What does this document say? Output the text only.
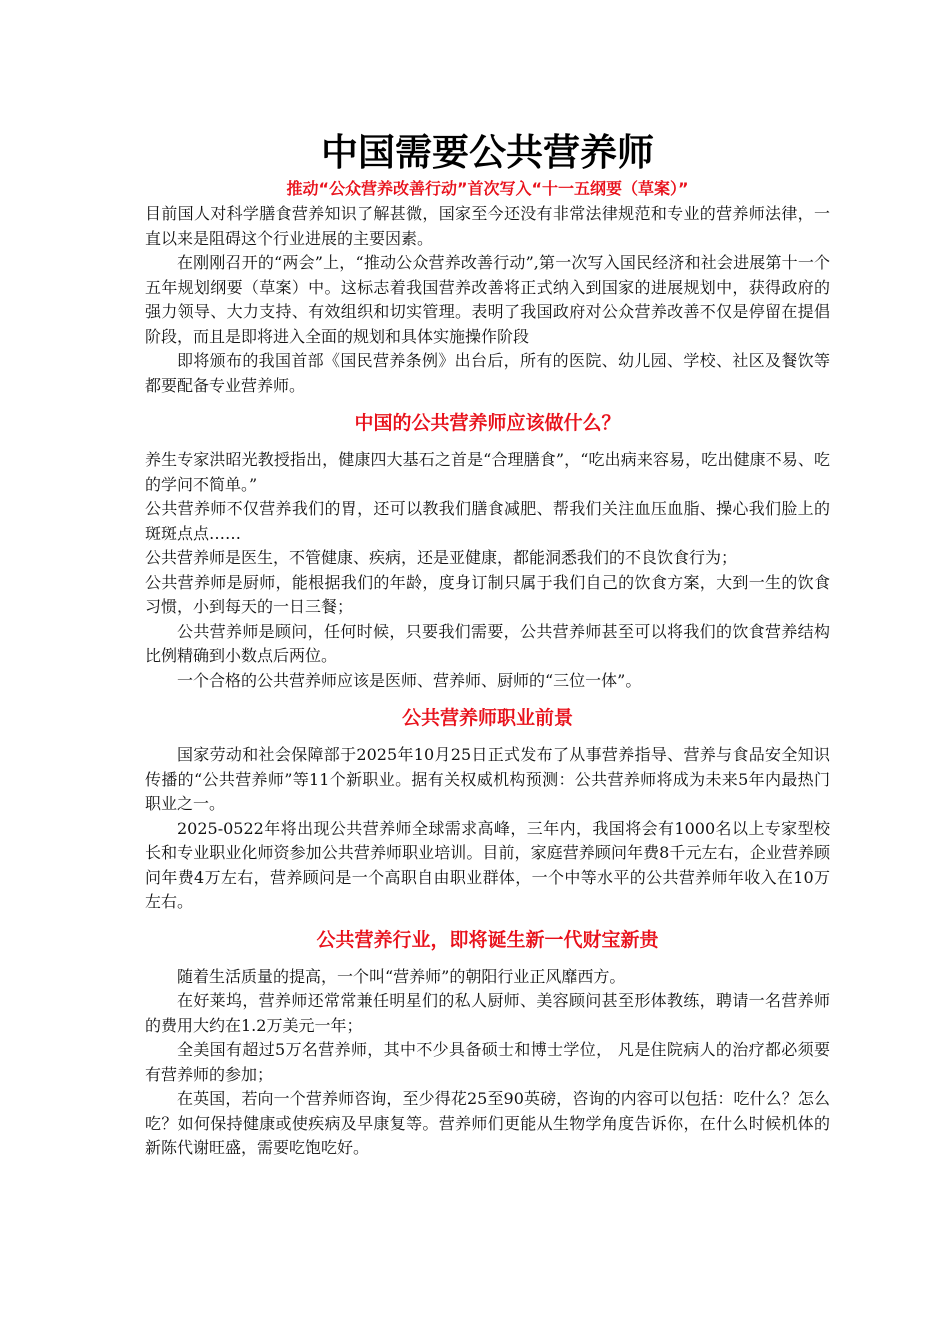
中国需要公共营养师
推动“公众营养改善行动”首次写入“十一五纲要（草案）”

目前国人对科学膳食营养知识了解甚微，国家至今还没有非常法律规范和专业的营养师法律，一直以来是阻碍这个行业进展的主要因素。

在刚刚召开的“两会”上，“推动公众营养改善行动”,第一次写入国民经济和社会进展第十一个五年规划纲要（草案）中。这标志着我国营养改善将正式纳入到国家的进展规划中，获得政府的强力领导、大力支持、有效组织和切实管理。表明了我国政府对公众营养改善不仅是停留在提倡阶段，而且是即将进入全面的规划和具体实施操作阶段

即将颁布的我国首部《国民营养条例》出台后，所有的医院、幼儿园、学校、社区及餐饮等都要配备专业营养师。

中国的公共营养师应该做什么？

养生专家洪昭光教授指出，健康四大基石之首是“合理膳食”，“吃出病来容易，吃出健康不易、吃的学问不简单。”

公共营养师不仅营养我们的胃，还可以教我们膳食减肥、帮我们关注血压血脂、操心我们脸上的斑斑点点……

公共营养师是医生，不管健康、疾病，还是亚健康，都能洞悉我们的不良饮食行为；

公共营养师是厨师，能根据我们的年龄，度身订制只属于我们自己的饮食方案，大到一生的饮食习惯，小到每天的一日三餐；

公共营养师是顾问，任何时候，只要我们需要，公共营养师甚至可以将我们的饮食营养结构比例精确到小数点后两位。

一个合格的公共营养师应该是医师、营养师、厨师的“三位一体”。

公共营养师职业前景

国家劳动和社会保障部于2025年10月25日正式发布了从事营养指导、营养与食品安全知识传播的“公共营养师”等11个新职业。据有关权威机构预测：公共营养师将成为未来5年内最热门职业之一。

2025-0522年将出现公共营养师全球需求高峰，三年内，我国将会有1000名以上专家型校长和专业职业化师资参加公共营养师职业培训。目前，家庭营养顾问年费8千元左右，企业营养顾问年费4万左右，营养顾问是一个高职自由职业群体，一个中等水平的公共营养师年收入在10万左右。

公共营养行业，即将诞生新一代财宝新贵

随着生活质量的提高，一个叫“营养师”的朝阳行业正风靡西方。

在好莱坞，营养师还常常兼任明星们的私人厨师、美容顾问甚至形体教练，聘请一名营养师的费用大约在1.2万美元一年；

全美国有超过5万名营养师，其中不少具备硕士和博士学位， 凡是住院病人的治疗都必须要有营养师的参加；

在英国，若向一个营养师咨询，至少得花25至90英磅，咨询的内容可以包括：吃什么？怎么吃？如何保持健康或使疾病及早康复等。营养师们更能从生物学角度告诉你，在什么时候机体的新陈代谢旺盛，需要吃饱吃好。
